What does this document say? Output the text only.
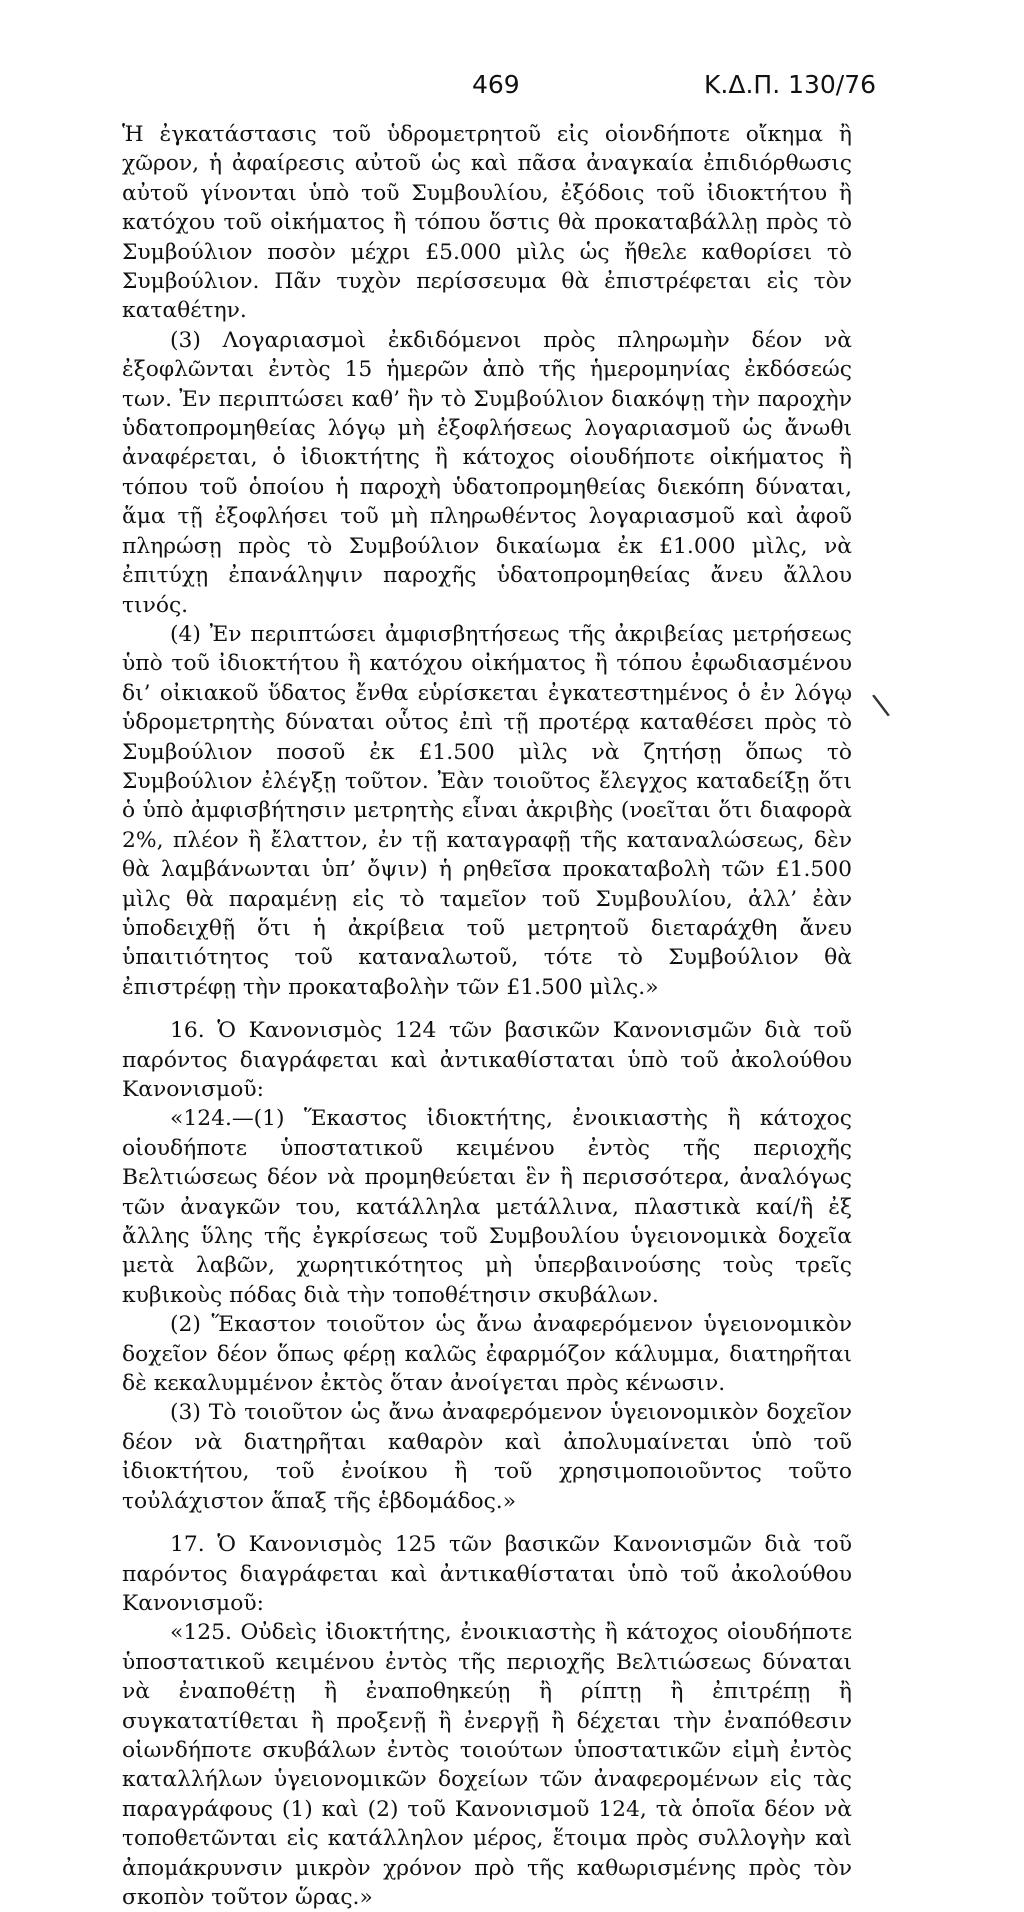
469	Κ.Δ.Π. 130/76

Ἡ ἐγκατάστασις τοῦ ὑδρομετρητοῦ εἰς οἱονδήποτε οἴκημα ἢ χῶρον, ἡ ἀφαίρεσις αὐτοῦ ὡς καὶ πᾶσα ἀναγκαία ἐπιδιόρθωσις αὐτοῦ γίνονται ὑπὸ τοῦ Συμβουλίου, ἐξόδοις τοῦ ἰδιοκτήτου ἢ κατόχου τοῦ οἰκήματος ἢ τόπου ὅστις θὰ προκαταβάλλῃ πρὸς τὸ Συμβούλιον ποσὸν μέχρι £5.000 μὶλς ὡς ἤθελε καθορίσει τὸ Συμβούλιον. Πᾶν τυχὸν περίσσευμα θὰ ἐπιστρέφεται εἰς τὸν καταθέτην.

(3) Λογαριασμοὶ ἐκδιδόμενοι πρὸς πληρωμὴν δέον νὰ ἐξοφλῶνται ἐντὸς 15 ἡμερῶν ἀπὸ τῆς ἡμερομηνίας ἐκδόσεώς των. Ἐν περιπτώσει καθ’ ἣν τὸ Συμβούλιον διακόψῃ τὴν παροχὴν ὑδατοπρομηθείας λόγῳ μὴ ἐξοφλήσεως λογαριασμοῦ ὡς ἄνωθι ἀναφέρεται, ὁ ἰδιοκτήτης ἢ κάτοχος οἱουδήποτε οἰκήματος ἢ τόπου τοῦ ὁποίου ἡ παροχὴ ὑδατοπρομηθείας διεκόπη δύναται, ἅμα τῇ ἐξοφλήσει τοῦ μὴ πληρωθέντος λογαριασμοῦ καὶ ἀφοῦ πληρώσῃ πρὸς τὸ Συμβούλιον δικαίωμα ἐκ £1.000 μὶλς, νὰ ἐπιτύχῃ ἐπανάληψιν παροχῆς ὑδατοπρομηθείας ἄνευ ἄλλου τινός.

(4) Ἐν περιπτώσει ἀμφισβητήσεως τῆς ἀκριβείας μετρήσεως ὑπὸ τοῦ ἰδιοκτήτου ἢ κατόχου οἰκήματος ἢ τόπου ἐφωδιασμένου δι’ οἰκιακοῦ ὕδατος ἔνθα εὑρίσκεται ἐγκατεστημένος ὁ ἐν λόγῳ ὑδρομετρητὴς δύναται οὗτος ἐπὶ τῇ προτέρᾳ καταθέσει πρὸς τὸ Συμβούλιον ποσοῦ ἐκ £1.500 μὶλς νὰ ζητήσῃ ὅπως τὸ Συμβούλιον ἐλέγξῃ τοῦτον. Ἐὰν τοιοῦτος ἔλεγχος καταδείξῃ ὅτι ὁ ὑπὸ ἀμφισβήτησιν μετρητὴς εἶναι ἀκριβὴς (νοεῖται ὅτι διαφορὰ 2%, πλέον ἢ ἔλαττον, ἐν τῇ καταγραφῇ τῆς καταναλώσεως, δὲν θὰ λαμβάνωνται ὑπ’ ὄψιν) ἡ ρηθεῖσα προκαταβολὴ τῶν £1.500 μὶλς θὰ παραμένῃ εἰς τὸ ταμεῖον τοῦ Συμβουλίου, ἀλλ’ ἐὰν ὑποδειχθῇ ὅτι ἡ ἀκρίβεια τοῦ μετρητοῦ διεταράχθη ἄνευ ὑπαιτιότητος τοῦ καταναλωτοῦ, τότε τὸ Συμβούλιον θὰ ἐπιστρέφῃ τὴν προκαταβολὴν τῶν £1.500 μὶλς.»

16. Ὁ Κανονισμὸς 124 τῶν βασικῶν Κανονισμῶν διὰ τοῦ παρόντος διαγράφεται καὶ ἀντικαθίσταται ὑπὸ τοῦ ἀκολούθου Κανονισμοῦ:

«124.—(1) Ἕκαστος ἰδιοκτήτης, ἐνοικιαστὴς ἢ κάτοχος οἱουδήποτε ὑποστατικοῦ κειμένου ἐντὸς τῆς περιοχῆς Βελτιώσεως δέον νὰ προμηθεύεται ἓν ἢ περισσότερα, ἀναλόγως τῶν ἀναγκῶν του, κατάλληλα μετάλλινα, πλαστικὰ καί/ἢ ἐξ ἄλλης ὕλης τῆς ἐγκρίσεως τοῦ Συμβουλίου ὑγειονομικὰ δοχεῖα μετὰ λαβῶν, χωρητικότητος μὴ ὑπερβαινούσης τοὺς τρεῖς κυβικοὺς πόδας διὰ τὴν τοποθέτησιν σκυβάλων.

(2) Ἕκαστον τοιοῦτον ὡς ἄνω ἀναφερόμενον ὑγειονομικὸν δοχεῖον δέον ὅπως φέρῃ καλῶς ἐφαρμόζον κάλυμμα, διατηρῆται δὲ κεκαλυμμένον ἐκτὸς ὅταν ἀνοίγεται πρὸς κένωσιν.

(3) Τὸ τοιοῦτον ὡς ἄνω ἀναφερόμενον ὑγειονομικὸν δοχεῖον δέον νὰ διατηρῆται καθαρὸν καὶ ἀπολυμαίνεται ὑπὸ τοῦ ἰδιοκτήτου, τοῦ ἐνοίκου ἢ τοῦ χρησιμοποιοῦντος τοῦτο τοὐλάχιστον ἅπαξ τῆς ἑβδομάδος.»

17. Ὁ Κανονισμὸς 125 τῶν βασικῶν Κανονισμῶν διὰ τοῦ παρόντος διαγράφεται καὶ ἀντικαθίσταται ὑπὸ τοῦ ἀκολούθου Κανονισμοῦ:

«125. Οὐδεὶς ἰδιοκτήτης, ἐνοικιαστὴς ἢ κάτοχος οἱουδήποτε ὑποστατικοῦ κειμένου ἐντὸς τῆς περιοχῆς Βελτιώσεως δύναται νὰ ἐναποθέτῃ ἢ ἐναποθηκεύῃ ἢ ρίπτῃ ἢ ἐπιτρέπῃ ἢ συγκατατίθεται ἢ προξενῇ ἢ ἐνεργῇ ἢ δέχεται τὴν ἐναπόθεσιν οἱωνδήποτε σκυβάλων ἐντὸς τοιούτων ὑποστατικῶν εἰμὴ ἐντὸς καταλλήλων ὑγειονομικῶν δοχείων τῶν ἀναφερομένων εἰς τὰς παραγράφους (1) καὶ (2) τοῦ Κανονισμοῦ 124, τὰ ὁποῖα δέον νὰ τοποθετῶνται εἰς κατάλληλον μέρος, ἕτοιμα πρὸς συλλογὴν καὶ ἀπομάκρυνσιν μικρὸν χρόνον πρὸ τῆς καθωρισμένης πρὸς τὸν σκοπὸν τοῦτον ὥρας.»

\
